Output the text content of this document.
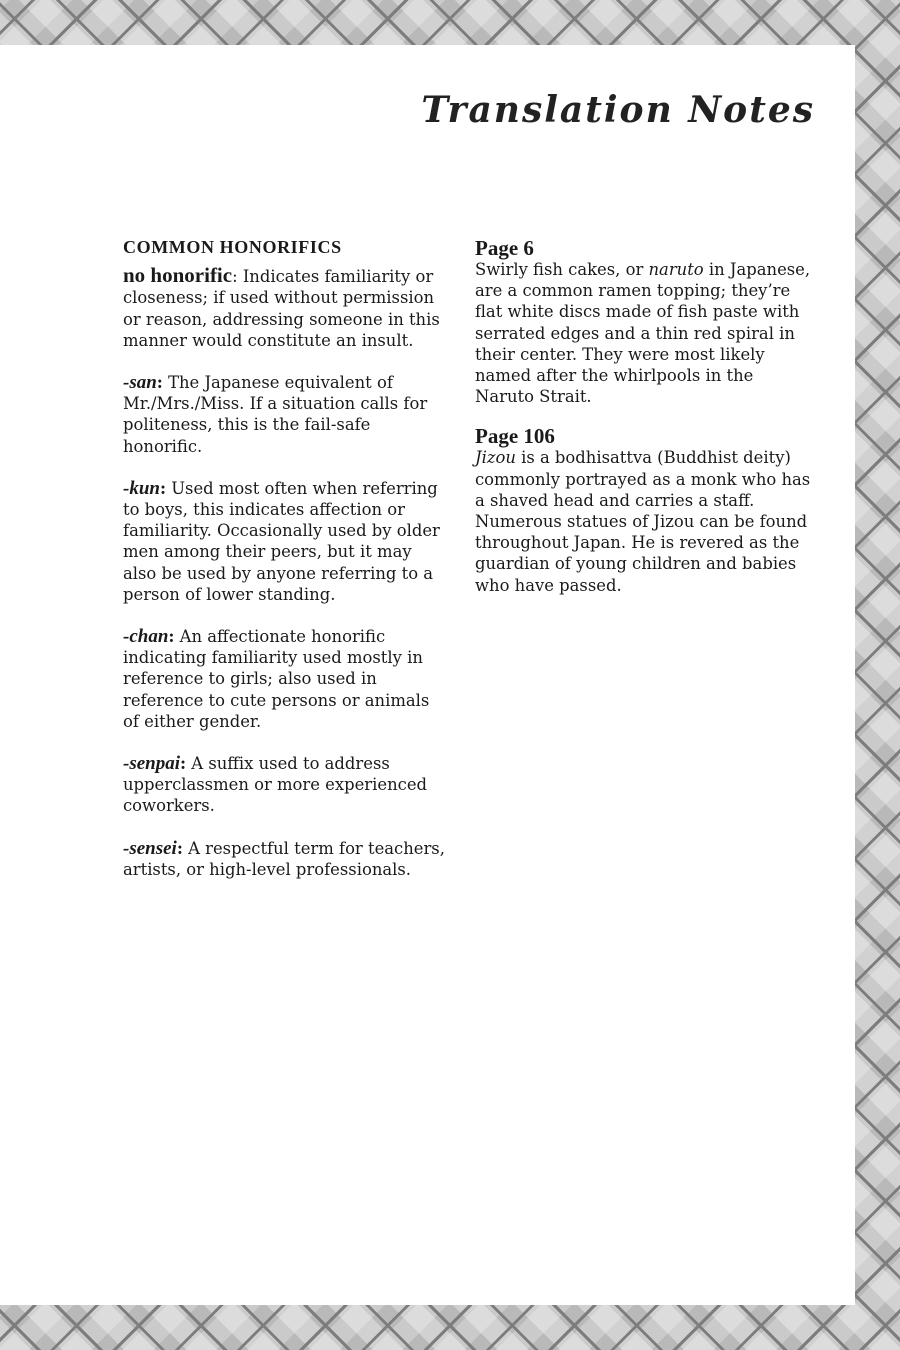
Translation Notes
COMMON HONORIFICS

no honorific: Indicates familiarity or closeness; if used without permission or reason, addressing someone in this manner would constitute an insult.

-san: The Japanese equivalent of Mr./Mrs./Miss. If a situation calls for politeness, this is the fail-safe honorific.

-kun: Used most often when referring to boys, this indicates affection or familiarity. Occasionally used by older men among their peers, but it may also be used by anyone referring to a person of lower standing.

-chan: An affectionate honorific indicating familiarity used mostly in reference to girls; also used in reference to cute persons or animals of either gender.

-senpai: A suffix used to address upperclassmen or more experienced coworkers.

-sensei: A respectful term for teachers, artists, or high-level professionals.

Page 6

Swirly fish cakes, or naruto in Japanese, are a common ramen topping; they’re flat white discs made of fish paste with serrated edges and a thin red spiral in their center. They were most likely named after the whirlpools in the Naruto Strait.

Page 106

Jizou is a bodhisattva (Buddhist deity) commonly portrayed as a monk who has a shaved head and carries a staff. Numerous statues of Jizou can be found throughout Japan. He is revered as the guardian of young children and babies who have passed.
